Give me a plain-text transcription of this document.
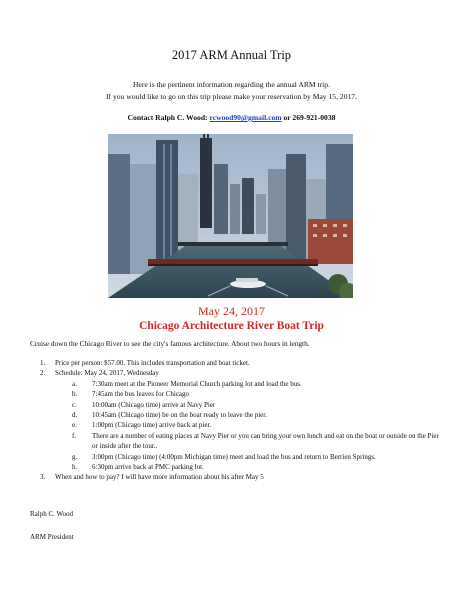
2017 ARM Annual Trip
Here is the pertinent information regarding the annual ARM trip.
If you would like to go on this trip please make your reservation by May 15, 2017.
Contact Ralph C. Wood: rcwood90@gmail.com or 269-921-0038
May 24, 2017
Chicago Architecture River Boat Trip
Cruise down the Chicago River to see the city's famous architecture. About two hours in length.
1. Price per person: $57.00. This includes transportation and boat ticket.
2. Schedule: May 24, 2017, Wednesday
a. 7:30am meet at the Pioneer Memorial Church parking lot and load the bus.
b. 7:45am the bus leaves for Chicago
c. 10:00am (Chicago time) arrive at Navy Pier
d. 10:45am (Chicago time) be on the boat ready to leave the pier.
e. 1:00pm (Chicago time) arrive back at pier.
f. There are a number of eating places at Navy Pier or you can bring your own lunch and eat on the boat or outside on the Pier or inside after the tour..
g. 3:00pm (Chicago time) (4:00pm Michigan time) meet and load the bus and return to Berrien Springs.
h. 6:30pm arrive back at PMC parking lot.
3. When and how to pay? I will have more information about his after May 5
Ralph C. Wood
ARM President
